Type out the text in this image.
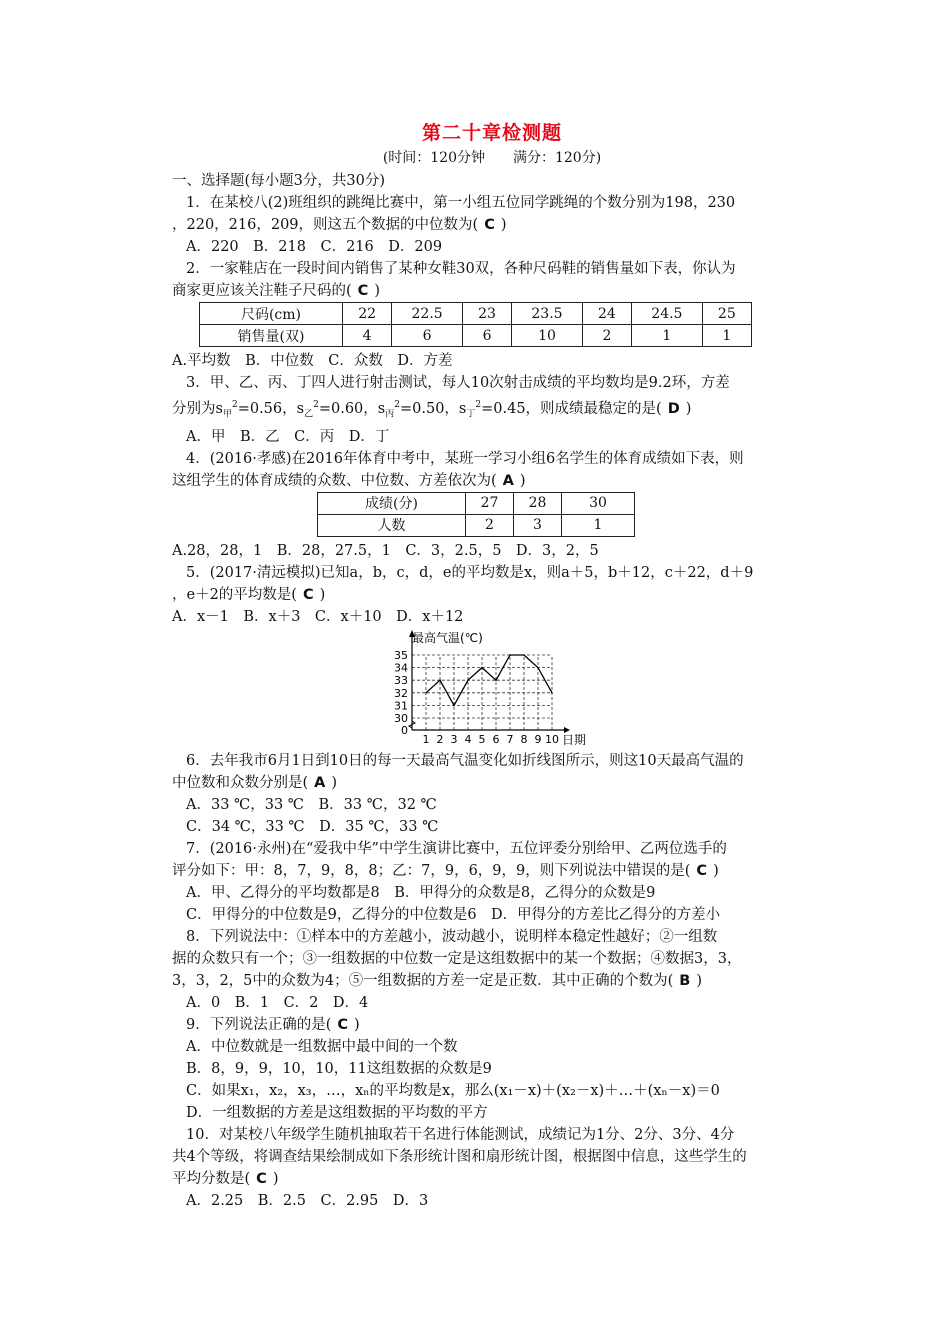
第二十章检测题
(时间：120分钟　　满分：120分)
一、选择题(每小题3分，共30分)
1．在某校八(2)班组织的跳绳比赛中，第一小组五位同学跳绳的个数分别为198，230
，220，216，209，则这五个数据的中位数为( C )
A．220　B．218　C．216　D．209
2．一家鞋店在一段时间内销售了某种女鞋30双，各种尺码鞋的销售量如下表，你认为
商家更应该关注鞋子尺码的( C )
尺码(cm)	22	22.5	23	23.5	24	24.5	25
销售量(双)	4	6	6	10	2	1	1
A.平均数　B．中位数　C．众数　D．方差
3．甲、乙、丙、丁四人进行射击测试，每人10次射击成绩的平均数均是9.2环，方差
分别为$s_甲^2=0.56$，$s_乙^2=0.60$，$s_丙^2=0.50$，$s_丁^2=0.45$，则成绩最稳定的是( D )
A．甲　B．乙　C．丙　D．丁
4．(2016·孝感)在2016年体育中考中，某班一学习小组6名学生的体育成绩如下表，则
这组学生的体育成绩的众数、中位数、方差依次为( A )
成绩(分)	27	28	30
人数	2	3	1
A.28，28，1　B．28，27.5，1　C．3，2.5，5　D．3，2，5
5．(2017·清远模拟)已知a，b，c，d，e的平均数是x，则a＋5，b＋12，c＋22，d＋9
，e＋2的平均数是( C )
A．x－1　B．x＋3　C．x＋10　D．x＋12
0
30
31
32
33
34
35
1 2 3 4 5 6 7 8 9 10
最高气温(℃)
日期
6．去年我市6月1日到10日的每一天最高气温变化如折线图所示，则这10天最高气温的
中位数和众数分别是( A )
A．33 ℃，33 ℃　B．33 ℃，32 ℃
C．34 ℃，33 ℃　D．35 ℃，33 ℃
7．(2016·永州)在“爱我中华”中学生演讲比赛中，五位评委分别给甲、乙两位选手的
评分如下：甲：8，7，9，8，8；乙：7，9，6，9，9，则下列说法中错误的是( C )
A．甲、乙得分的平均数都是8　B．甲得分的众数是8，乙得分的众数是9
C．甲得分的中位数是9，乙得分的中位数是6　D．甲得分的方差比乙得分的方差小
8．下列说法中：①样本中的方差越小，波动越小，说明样本稳定性越好；②一组数
据的众数只有一个；③一组数据的中位数一定是这组数据中的某一个数据；④数据3，3，
3，3，2，5中的众数为4；⑤一组数据的方差一定是正数．其中正确的个数为( B )
A．0　B．1　C．2　D．4
9．下列说法正确的是( C )
A．中位数就是一组数据中最中间的一个数
B．8，9，9，10，10，11这组数据的众数是9
C．如果x₁，x₂，x₃，…，xₙ的平均数是x，那么(x₁－x)＋(x₂－x)＋…＋(xₙ－x)＝0
D．一组数据的方差是这组数据的平均数的平方
10．对某校八年级学生随机抽取若干名进行体能测试，成绩记为1分、2分、3分、4分
共4个等级，将调查结果绘制成如下条形统计图和扇形统计图，根据图中信息，这些学生的
平均分数是( C )
A．2.25　B．2.5　C．2.95　D．3
